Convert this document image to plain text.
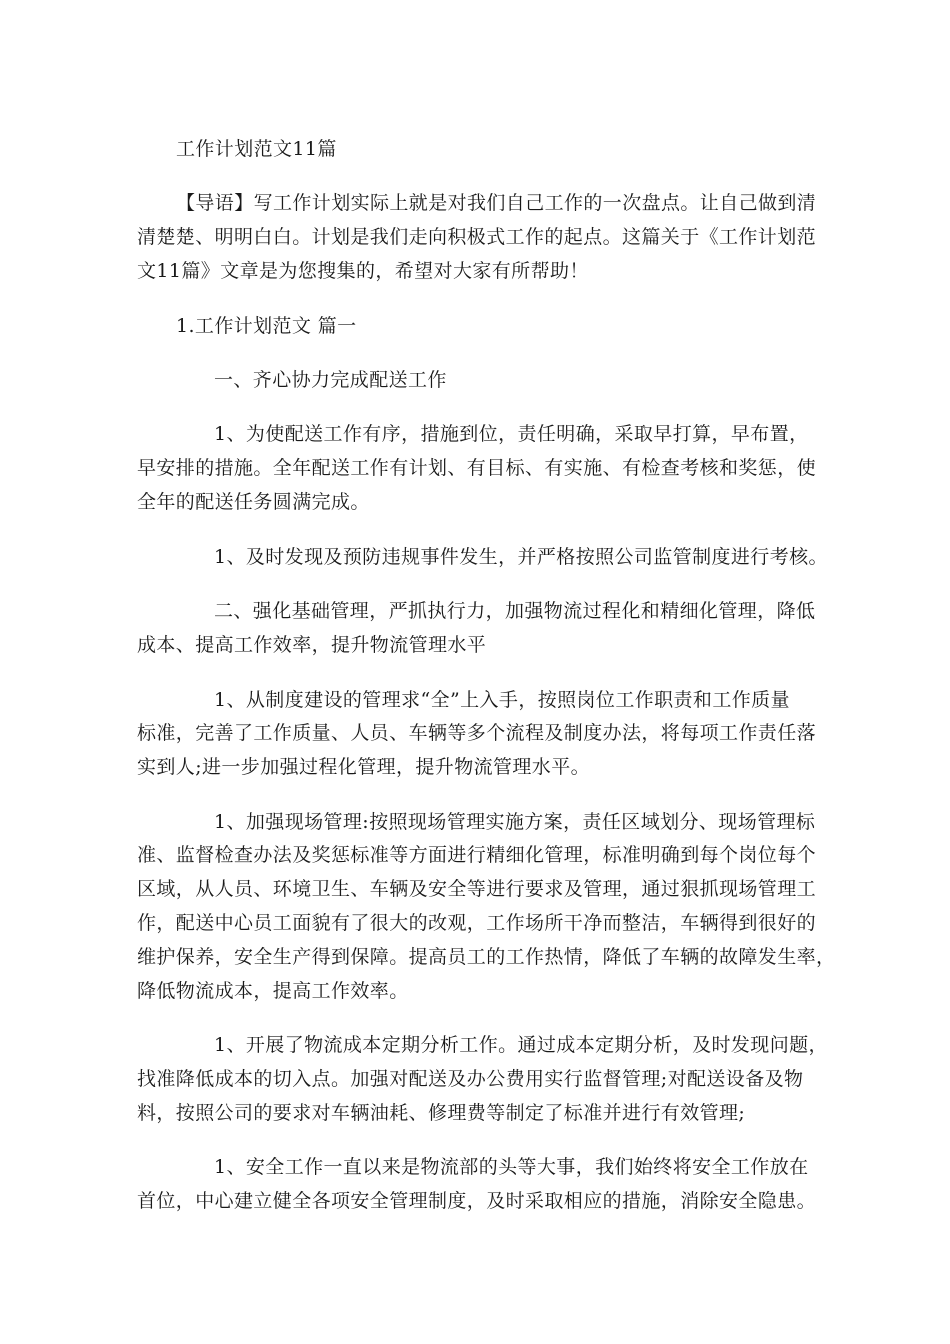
工作计划范文11篇
【导语】写工作计划实际上就是对我们自己工作的一次盘点。让自己做到清
清楚楚、明明白白。计划是我们走向积极式工作的起点。这篇关于《工作计划范
文11篇》文章是为您搜集的，希望对大家有所帮助！
1.工作计划范文 篇一
一、齐心协力完成配送工作
1、为使配送工作有序，措施到位，责任明确，采取早打算，早布置，
早安排的措施。全年配送工作有计划、有目标、有实施、有检查考核和奖惩，使
全年的配送任务圆满完成。
1、及时发现及预防违规事件发生，并严格按照公司监管制度进行考核。
二、强化基础管理，严抓执行力，加强物流过程化和精细化管理，降低
成本、提高工作效率，提升物流管理水平
1、从制度建设的管理求“全”上入手，按照岗位工作职责和工作质量
标准，完善了工作质量、人员、车辆等多个流程及制度办法，将每项工作责任落
实到人;进一步加强过程化管理，提升物流管理水平。
1、加强现场管理:按照现场管理实施方案，责任区域划分、现场管理标
准、监督检查办法及奖惩标准等方面进行精细化管理，标准明确到每个岗位每个
区域，从人员、环境卫生、车辆及安全等进行要求及管理，通过狠抓现场管理工
作，配送中心员工面貌有了很大的改观，工作场所干净而整洁，车辆得到很好的
维护保养，安全生产得到保障。提高员工的工作热情，降低了车辆的故障发生率，
降低物流成本，提高工作效率。
1、开展了物流成本定期分析工作。通过成本定期分析，及时发现问题，
找准降低成本的切入点。加强对配送及办公费用实行监督管理;对配送设备及物
料，按照公司的要求对车辆油耗、修理费等制定了标准并进行有效管理;
1、安全工作一直以来是物流部的头等大事，我们始终将安全工作放在
首位，中心建立健全各项安全管理制度，及时采取相应的措施，消除安全隐患。
